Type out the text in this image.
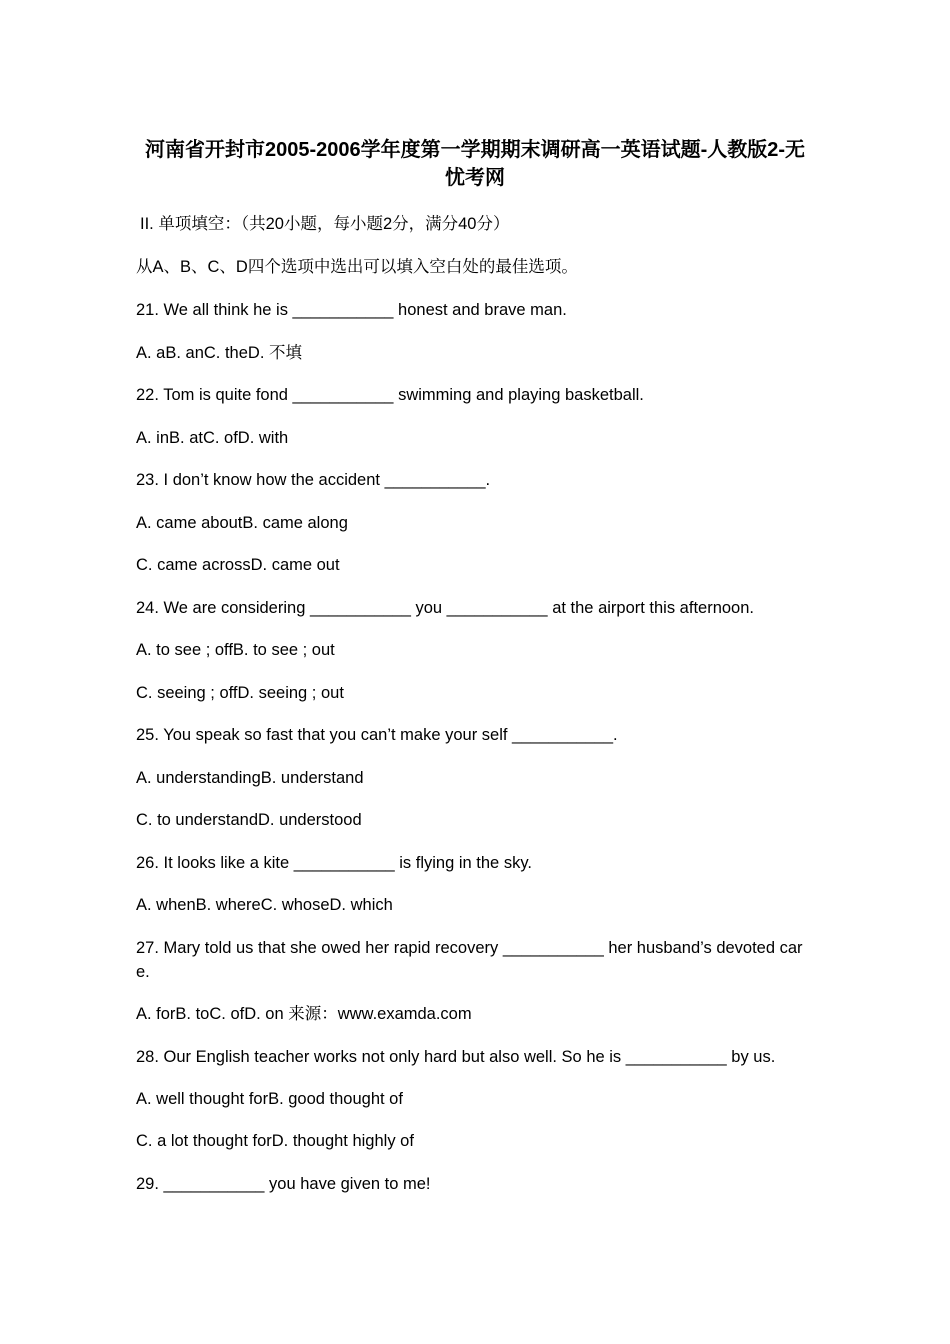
河南省开封市2005-2006学年度第一学期期末调研高一英语试题-人教版2-无忧考网
II. 单项填空：（共20小题，每小题2分，满分40分）
从A、B、C、D四个选项中选出可以填入空白处的最佳选项。
21. We all think he is ___________ honest and brave man.
A. aB. anC. theD. 不填
22. Tom is quite fond ___________ swimming and playing basketball.
A. inB. atC. ofD. with
23. I don’t know how the accident ___________.
A. came aboutB. came along
C. came acrossD. came out
24. We are considering ___________ you ___________ at the airport this afternoon.
A. to see ; offB. to see ; out
C. seeing ; offD. seeing ; out
25. You speak so fast that you can’t make your self ___________.
A. understandingB. understand
C. to understandD. understood
26. It looks like a kite ___________ is flying in the sky.
A. whenB. whereC. whoseD. which
27. Mary told us that she owed her rapid recovery ___________ her husband’s devoted care.
A. forB. toC. ofD. on 来源：www.examda.com
28. Our English teacher works not only hard but also well. So he is ___________ by us.
A. well thought forB. good thought of
C. a lot thought forD. thought highly of
29. ___________ you have given to me!
